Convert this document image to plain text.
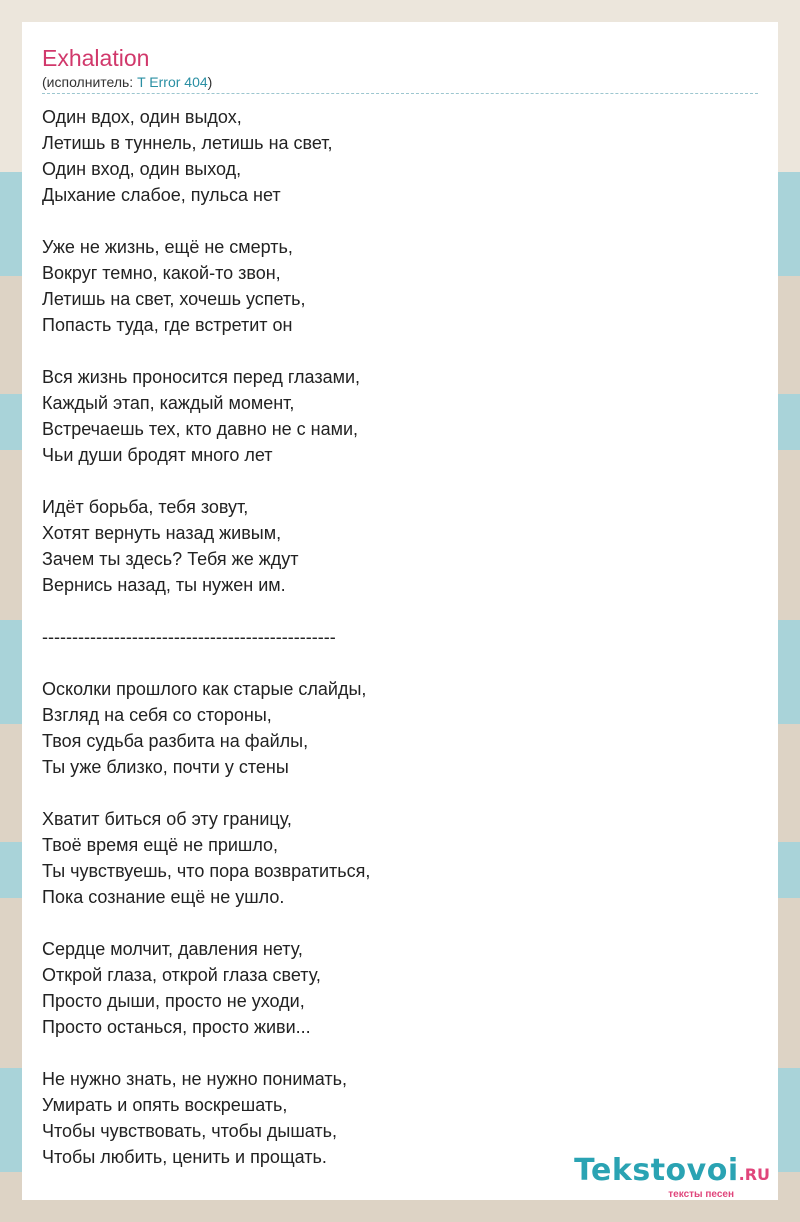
Exhalation
(исполнитель: T Error 404)
Один вдох, один выдох,
Летишь в туннель, летишь на свет,
Один вход, один выход,
Дыхание слабое, пульса нет
Уже не жизнь, ещё не смерть,
Вокруг темно, какой-то звон,
Летишь на свет, хочешь успеть,
Попасть туда, где встретит он
Вся жизнь проносится перед глазами,
Каждый этап, каждый момент,
Встречаешь тех, кто давно не с нами,
Чьи души бродят много лет
Идёт борьба, тебя зовут,
Хотят вернуть назад живым,
Зачем ты здесь? Тебя же ждут
Вернись назад, ты нужен им.
-------------------------------------------------
Осколки прошлого как старые слайды,
Взгляд на себя со стороны,
Твоя судьба разбита на файлы,
Ты уже близко, почти у стены
Хватит биться об эту границу,
Твоё время ещё не пришло,
Ты чувствуешь, что пора возвратиться,
Пока сознание ещё не ушло.
Сердце молчит, давления нету,
Открой глаза, открой глаза свету,
Просто дыши, просто не уходи,
Просто останься, просто живи...
Не нужно знать, не нужно понимать,
Умирать и опять воскрешать,
Чтобы чувствовать, чтобы дышать,
Чтобы любить, ценить и прощать.	Tekstovoi.RU
тексты песен
